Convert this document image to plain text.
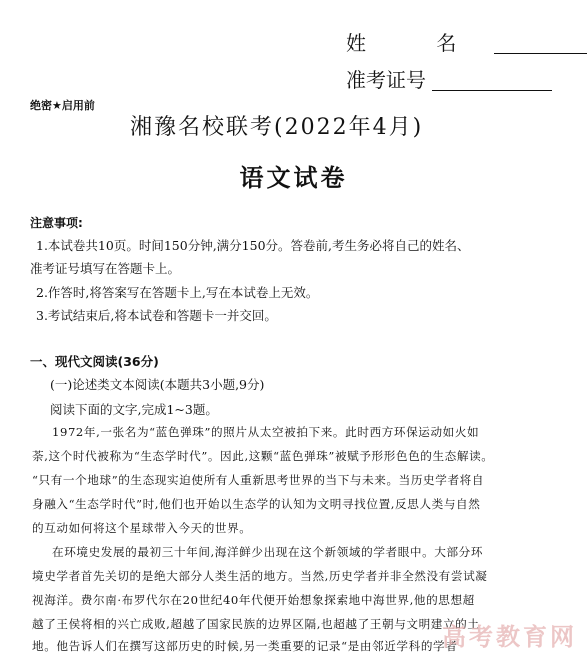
姓 名
准考证号
绝密★启用前
湘豫名校联考(2022年4月)
语文试卷
注意事项:
1.本试卷共10页。时间150分钟,满分150分。答卷前,考生务必将自己的姓名、
准考证号填写在答题卡上。
2.作答时,将答案写在答题卡上,写在本试卷上无效。
3.考试结束后,将本试卷和答题卡一并交回。
一、现代文阅读(36分)
(一)论述类文本阅读(本题共3小题,9分)
阅读下面的文字,完成1~3题。
1972年,一张名为“蓝色弹珠”的照片从太空被拍下来。此时西方环保运动如火如
荼,这个时代被称为“生态学时代”。因此,这颗“蓝色弹珠”被赋予形形色色的生态解读。
“只有一个地球”的生态现实迫使所有人重新思考世界的当下与未来。当历史学者将自
身融入“生态学时代”时,他们也开始以生态学的认知为文明寻找位置,反思人类与自然
的互动如何将这个星球带入今天的世界。
在环境史发展的最初三十年间,海洋鲜少出现在这个新领域的学者眼中。大部分环
境史学者首先关切的是绝大部分人类生活的地方。当然,历史学者并非全然没有尝试凝
视海洋。费尔南·布罗代尔在20世纪40年代便开始想象探索地中海世界,他的思想超
越了王侯将相的兴亡成败,超越了国家民族的边界区隔,也超越了王朝与文明建立的土
地。他告诉人们在撰写这部历史的时候,另一类重要的记录“是由邻近学科的学者
高考教育网
